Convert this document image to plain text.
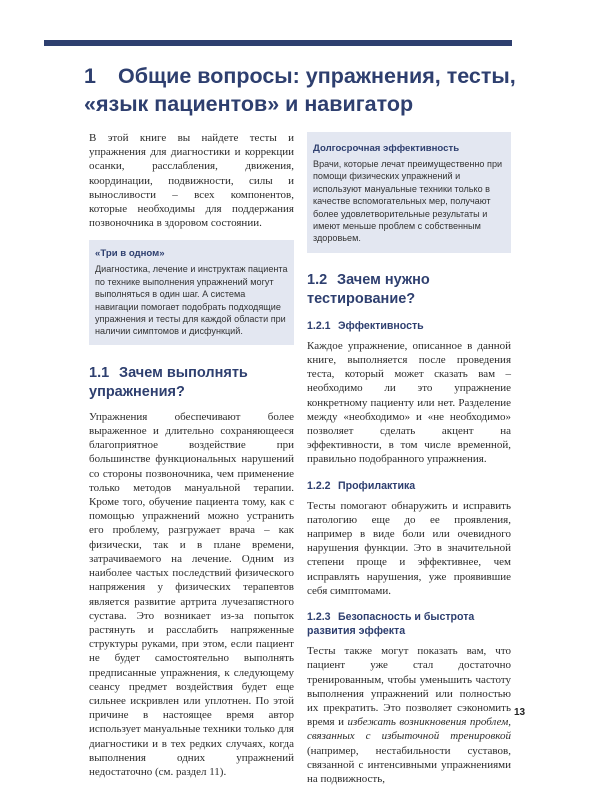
1 Общие вопросы: упражнения, тесты,
«язык пациентов» и навигатор

В этой книге вы найдете тесты и упражнения для диагностики и коррекции осанки, расслабления, движения, координации, подвижности, силы и выносливости – всех компонентов, которые необходимы для поддержания позвоночника в здоровом состоянии.

«Три в одном»
Диагностика, лечение и инструктаж пациента по технике выполнения упражнений могут выполняться в один шаг. А система навигации помогает подобрать подходящие упражнения и тесты для каждой области при наличии симптомов и дисфункций.
1.1 Зачем выполнять упражнения?

Упражнения обеспечивают более выраженное и длительно сохраняющееся благоприятное воздействие при большинстве функциональных нарушений со стороны позвоночника, чем применение только методов мануальной терапии. Кроме того, обучение пациента тому, как с помощью упражнений можно устранить его проблему, разгружает врача – как физически, так и в плане времени, затрачиваемого на лечение. Одним из наиболее частых последствий физического напряжения у физических терапевтов является развитие артрита лучезапястного сустава. Это возникает из-за попыток растянуть и расслабить напряженные структуры руками, при этом, если пациент не будет самостоятельно выполнять предписанные упражнения, к следующему сеансу предмет воздействия будет еще сильнее искривлен или уплотнен. По этой причине в настоящее время автор использует мануальные техники только для диагностики и в тех редких случаях, когда выполнения одних упражнений недостаточно (см. раздел 11).

Долгосрочная эффективность
Врачи, которые лечат преимущественно при помощи физических упражнений и используют мануальные техники только в качестве вспомогательных мер, получают более удовлетворительные результаты и имеют меньше проблем с собственным здоровьем.
1.2 Зачем нужно тестирование?
1.2.1 Эффективность

Каждое упражнение, описанное в данной книге, выполняется после проведения теста, который может сказать вам – необходимо ли это упражнение конкретному пациенту или нет. Разделение между «необходимо» и «не необходимо» позволяет сделать акцент на эффективности, в том числе временной, правильно подобранного упражнения.

1.2.2 Профилактика

Тесты помогают обнаружить и исправить патологию еще до ее проявления, например в виде боли или очевидного нарушения функции. Это в значительной степени проще и эффективнее, чем исправлять нарушения, уже проявившие себя симптомами.

1.2.3 Безопасность и быстрота развития эффекта

Тесты также могут показать вам, что пациент уже стал достаточно тренированным, чтобы уменьшить частоту выполнения упражнений или полностью их прекратить. Это позволяет сэкономить время и избежать возникновения проблем, связанных с избыточной тренировкой (например, нестабильности суставов, связанной с интенсивными упражнениями на подвижность,

13
